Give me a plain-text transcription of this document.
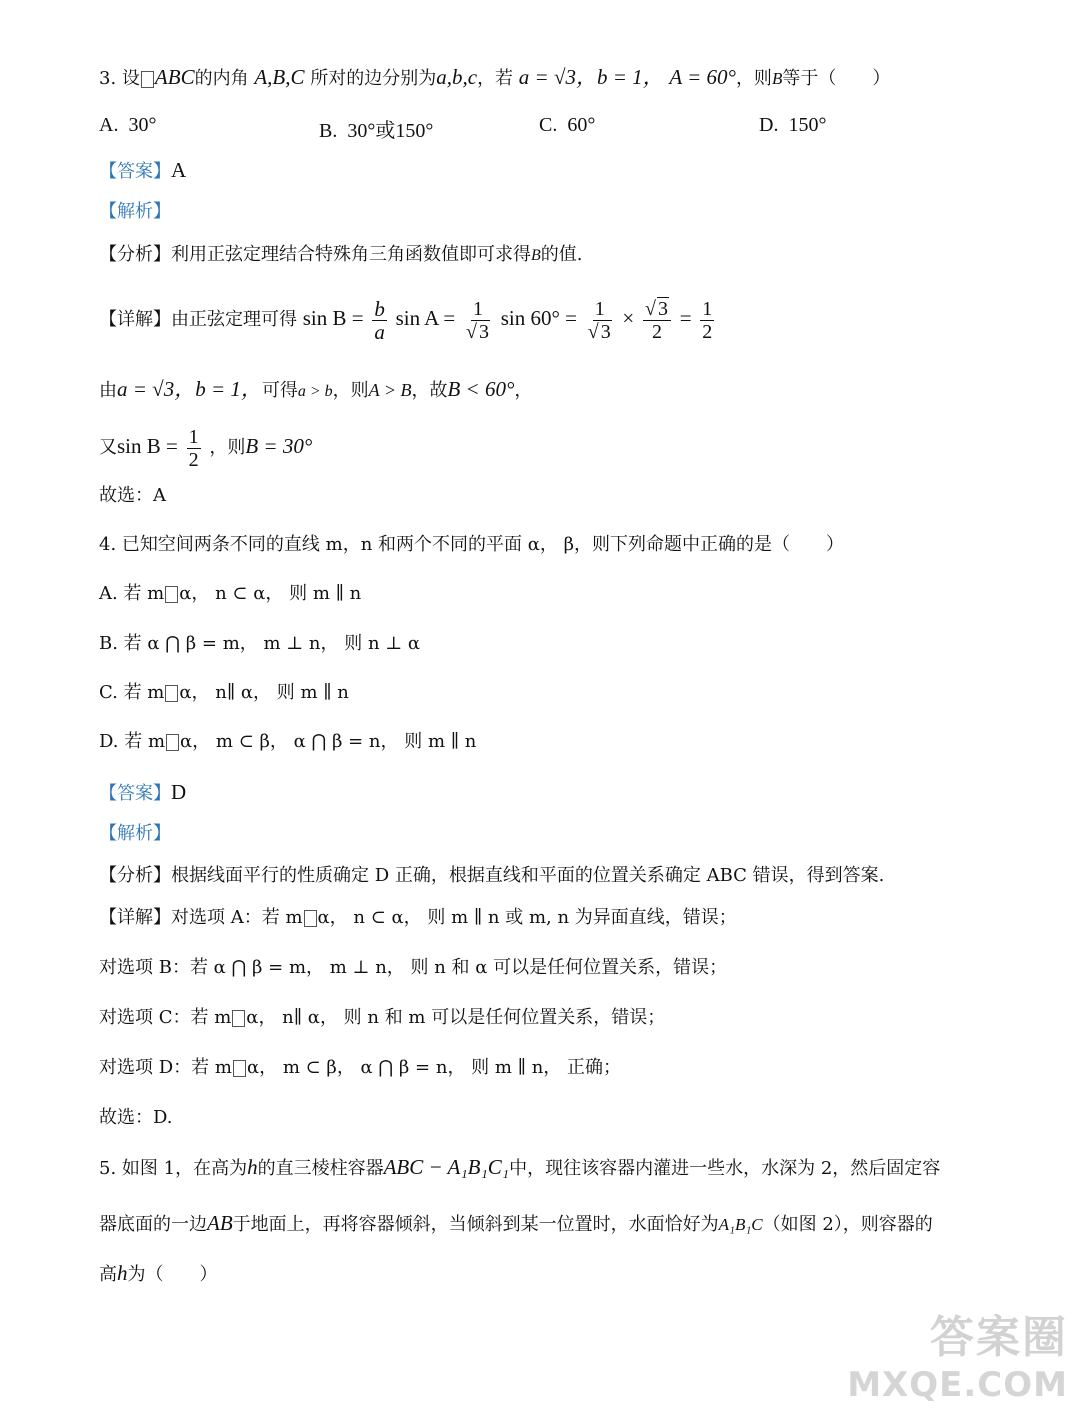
3. 设 ABC的内角 A,B,C 所对的边分别为a,b,c，若 a = √3，b = 1， A = 60°，则B等于（　　）
A. 30°	B. 30°或150°	C. 60°	D. 150°
【答案】A
【解析】
【分析】利用正弦定理结合特殊角三角函数值即可求得B的值.
【详解】由正弦定理可得 $\sin B = \frac{b}{a}$ $\sin A = \frac{1}{√ 3}$ $\sin 60^\circ = \frac{1}{√ 3} \times \frac{√ 3}{2} = \frac{1}{2}$
由a = √3，b = 1，可得a > b，则A > B，故B < 60°，
又$\sin B = \frac{1}{2}$ ，则B = 30°
故选：A
4. 已知空间两条不同的直线 m，n 和两个不同的平面 α， β，则下列命题中正确的是（　　）
A. 若 m α， n ⊂ α， 则 m ∥ n
B. 若 α ⋂ β = m， m ⊥ n， 则 n ⊥ α
C. 若 m α， n∥ α， 则 m ∥ n
D. 若 m α， m ⊂ β， α ⋂ β = n， 则 m ∥ n
【答案】D
【解析】
【分析】根据线面平行的性质确定 D 正确，根据直线和平面的位置关系确定 ABC 错误，得到答案.
【详解】对选项 A：若 m α， n ⊂ α， 则 m ∥ n 或 m, n 为异面直线，错误；
对选项 B：若 α ⋂ β = m， m ⊥ n， 则 n 和 α 可以是任何位置关系，错误；
对选项 C：若 m α， n∥ α， 则 n 和 m 可以是任何位置关系，错误；
对选项 D：若 m α， m ⊂ β， α ⋂ β = n， 则 m ∥ n， 正确；
故选：D.
5. 如图 1，在高为h的直三棱柱容器ABC − A₁B₁C₁中，现往该容器内灌进一些水，水深为 2，然后固定容
器底面的一边AB于地面上，再将容器倾斜，当倾斜到某一位置时，水面恰好为A₁B₁C（如图 2），则容器的
高h为（　　）
答案圈
MXQE.COM
